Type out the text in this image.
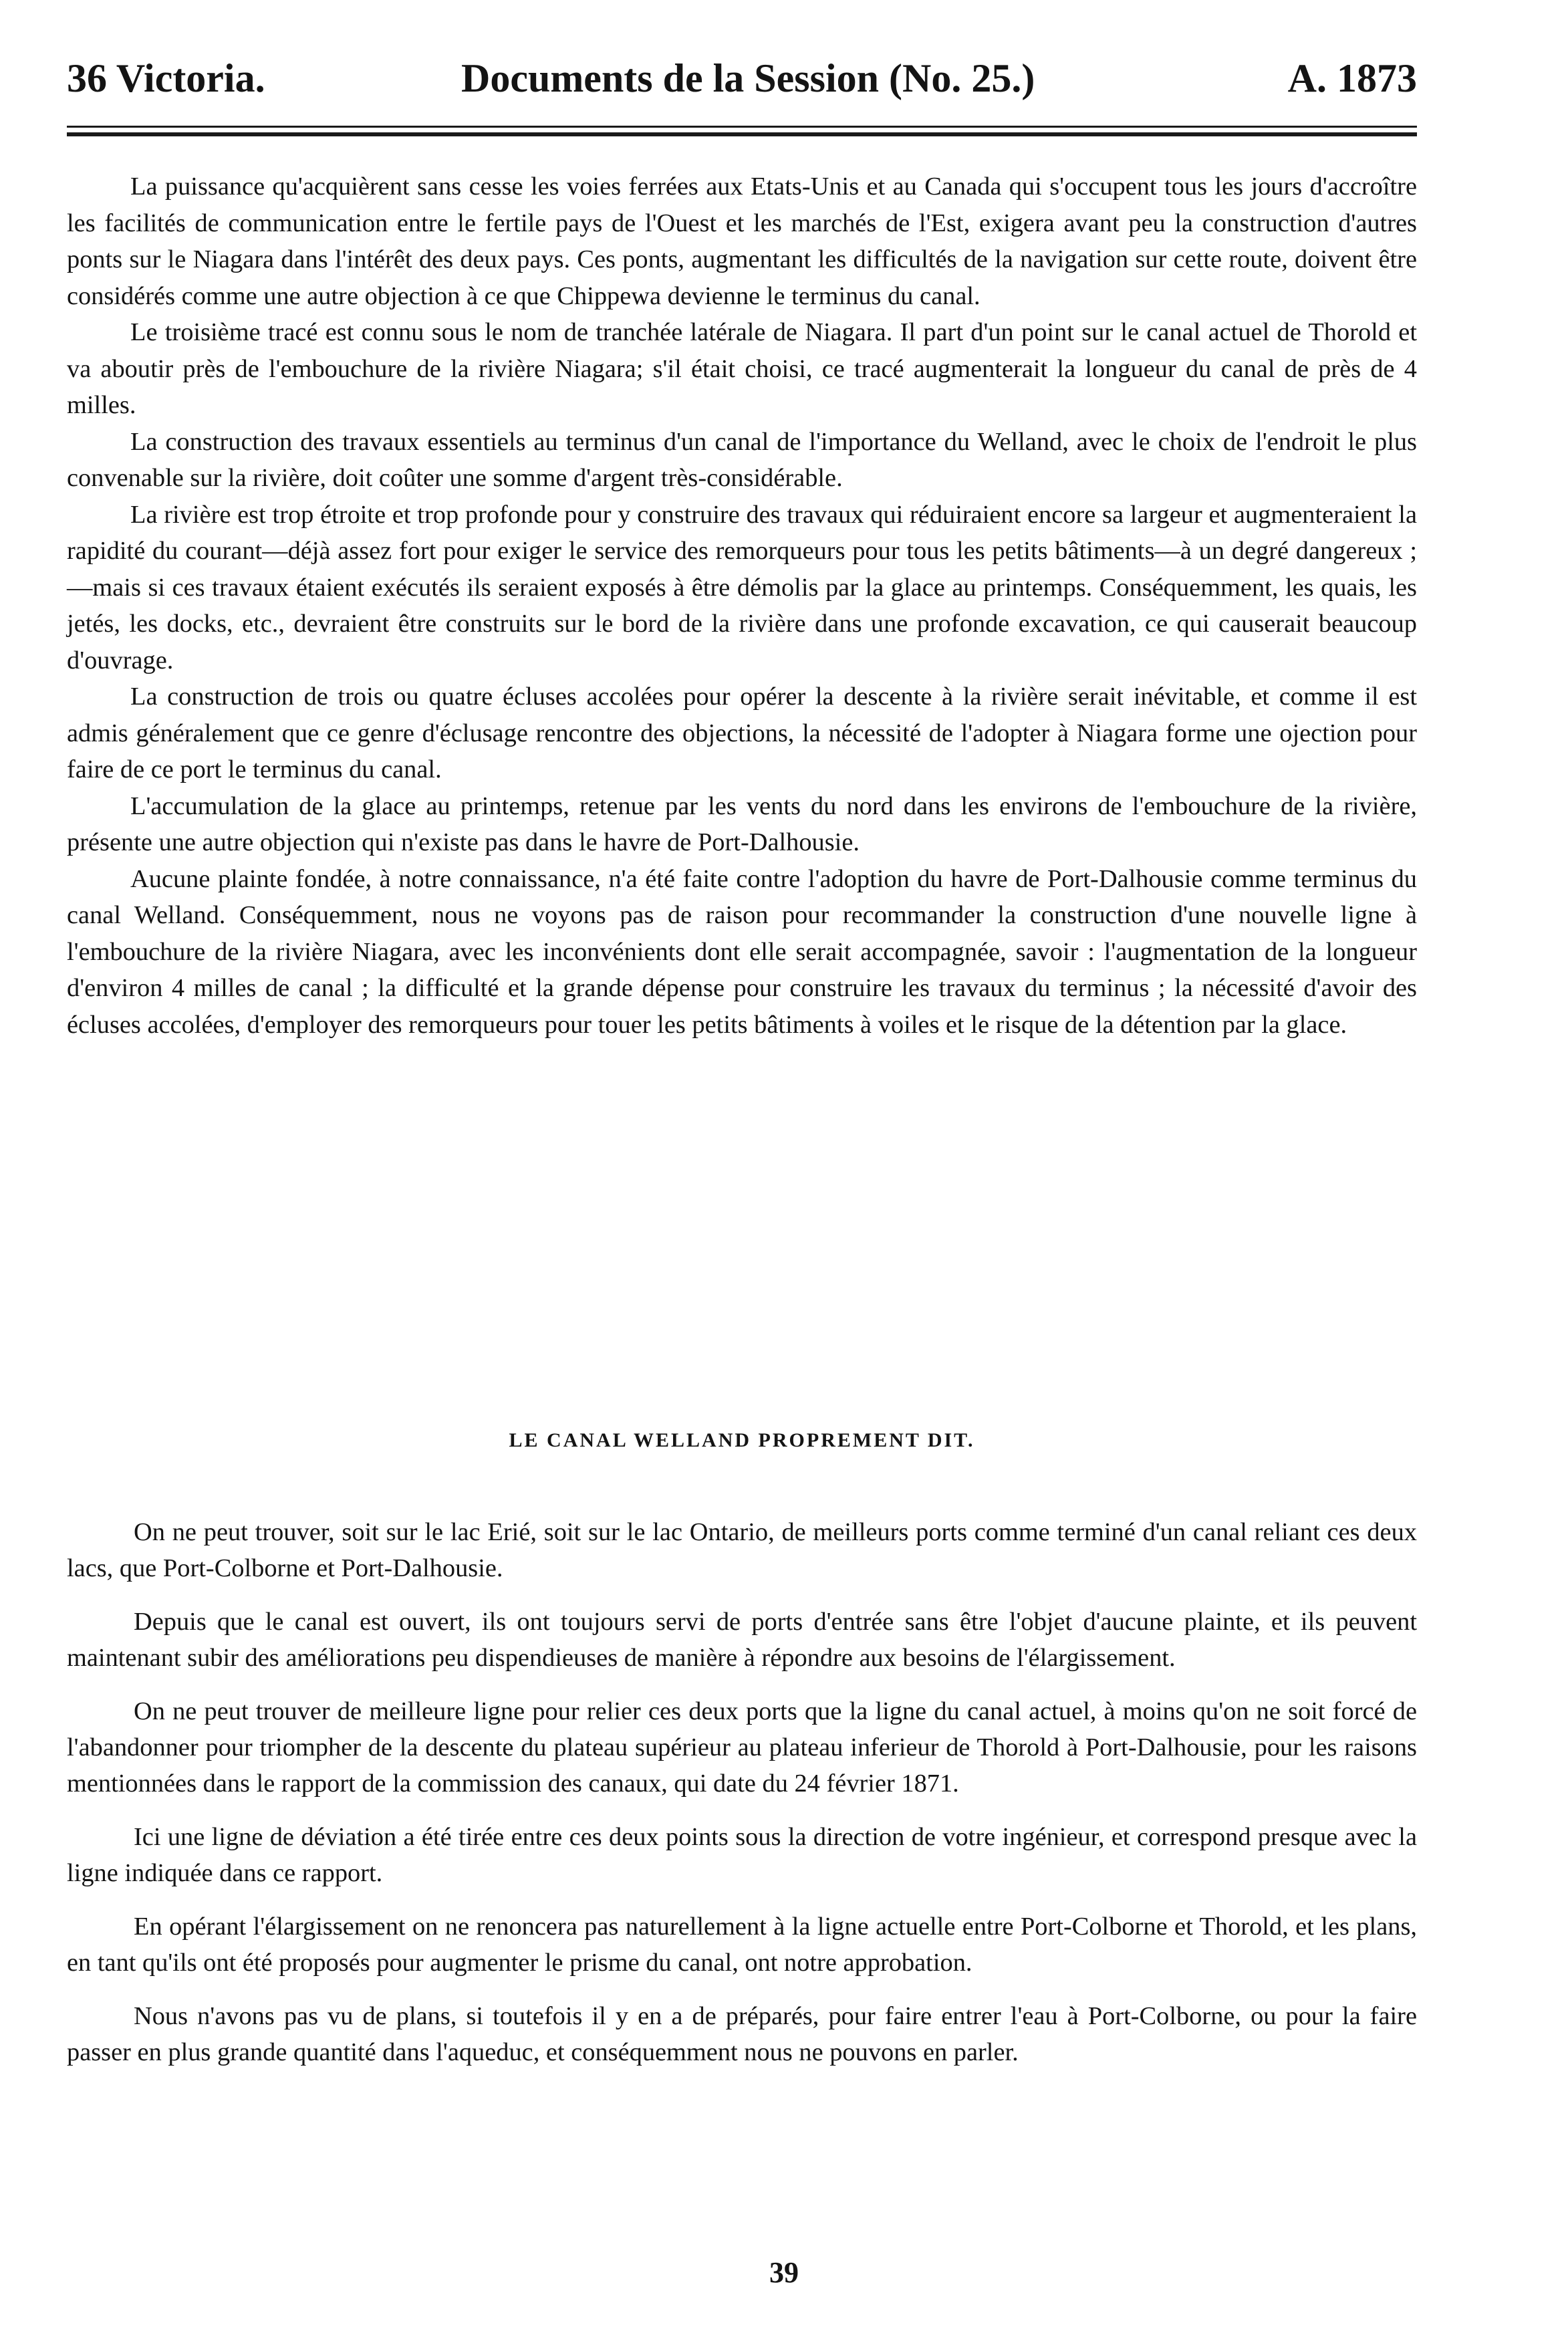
36 Victoria.	Documents de la Session (No. 25.)	A. 1873

La puissance qu'acquièrent sans cesse les voies ferrées aux Etats-Unis et au Canada qui s'occupent tous les jours d'accroître les facilités de communication entre le fertile pays de l'Ouest et les marchés de l'Est, exigera avant peu la construction d'autres ponts sur le Niagara dans l'intérêt des deux pays. Ces ponts, augmentant les difficultés de la navigation sur cette route, doivent être considérés comme une autre objection à ce que Chippewa devienne le terminus du canal.

Le troisième tracé est connu sous le nom de tranchée latérale de Niagara. Il part d'un point sur le canal actuel de Thorold et va aboutir près de l'embouchure de la rivière Niagara; s'il était choisi, ce tracé augmenterait la longueur du canal de près de 4 milles.

La construction des travaux essentiels au terminus d'un canal de l'importance du Welland, avec le choix de l'endroit le plus convenable sur la rivière, doit coûter une somme d'argent très-considérable.

La rivière est trop étroite et trop profonde pour y construire des travaux qui réduiraient encore sa largeur et augmenteraient la rapidité du courant—déjà assez fort pour exiger le service des remorqueurs pour tous les petits bâtiments—à un degré dangereux ;—mais si ces travaux étaient exécutés ils seraient exposés à être démolis par la glace au printemps. Conséquemment, les quais, les jetés, les docks, etc., devraient être construits sur le bord de la rivière dans une profonde excavation, ce qui causerait beaucoup d'ouvrage.

La construction de trois ou quatre écluses accolées pour opérer la descente à la rivière serait inévitable, et comme il est admis généralement que ce genre d'éclusage rencontre des objections, la nécessité de l'adopter à Niagara forme une ojection pour faire de ce port le terminus du canal.

L'accumulation de la glace au printemps, retenue par les vents du nord dans les environs de l'embouchure de la rivière, présente une autre objection qui n'existe pas dans le havre de Port-Dalhousie.

Aucune plainte fondée, à notre connaissance, n'a été faite contre l'adoption du havre de Port-Dalhousie comme terminus du canal Welland. Conséquemment, nous ne voyons pas de raison pour recommander la construction d'une nouvelle ligne à l'embouchure de la rivière Niagara, avec les inconvénients dont elle serait accompagnée, savoir : l'augmentation de la longueur d'environ 4 milles de canal ; la difficulté et la grande dépense pour construire les travaux du terminus ; la nécessité d'avoir des écluses accolées, d'employer des remorqueurs pour touer les petits bâtiments à voiles et le risque de la détention par la glace.

LE CANAL WELLAND PROPREMENT DIT.

On ne peut trouver, soit sur le lac Erié, soit sur le lac Ontario, de meilleurs ports comme terminé d'un canal reliant ces deux lacs, que Port-Colborne et Port-Dalhousie.

Depuis que le canal est ouvert, ils ont toujours servi de ports d'entrée sans être l'objet d'aucune plainte, et ils peuvent maintenant subir des améliorations peu dispendieuses de manière à répondre aux besoins de l'élargissement.

On ne peut trouver de meilleure ligne pour relier ces deux ports que la ligne du canal actuel, à moins qu'on ne soit forcé de l'abandonner pour triompher de la descente du plateau supérieur au plateau inferieur de Thorold à Port-Dalhousie, pour les raisons mentionnées dans le rapport de la commission des canaux, qui date du 24 février 1871.

Ici une ligne de déviation a été tirée entre ces deux points sous la direction de votre ingénieur, et correspond presque avec la ligne indiquée dans ce rapport.

En opérant l'élargissement on ne renoncera pas naturellement à la ligne actuelle entre Port-Colborne et Thorold, et les plans, en tant qu'ils ont été proposés pour augmenter le prisme du canal, ont notre approbation.

Nous n'avons pas vu de plans, si toutefois il y en a de préparés, pour faire entrer l'eau à Port-Colborne, ou pour la faire passer en plus grande quantité dans l'aqueduc, et conséquemment nous ne pouvons en parler.

39
